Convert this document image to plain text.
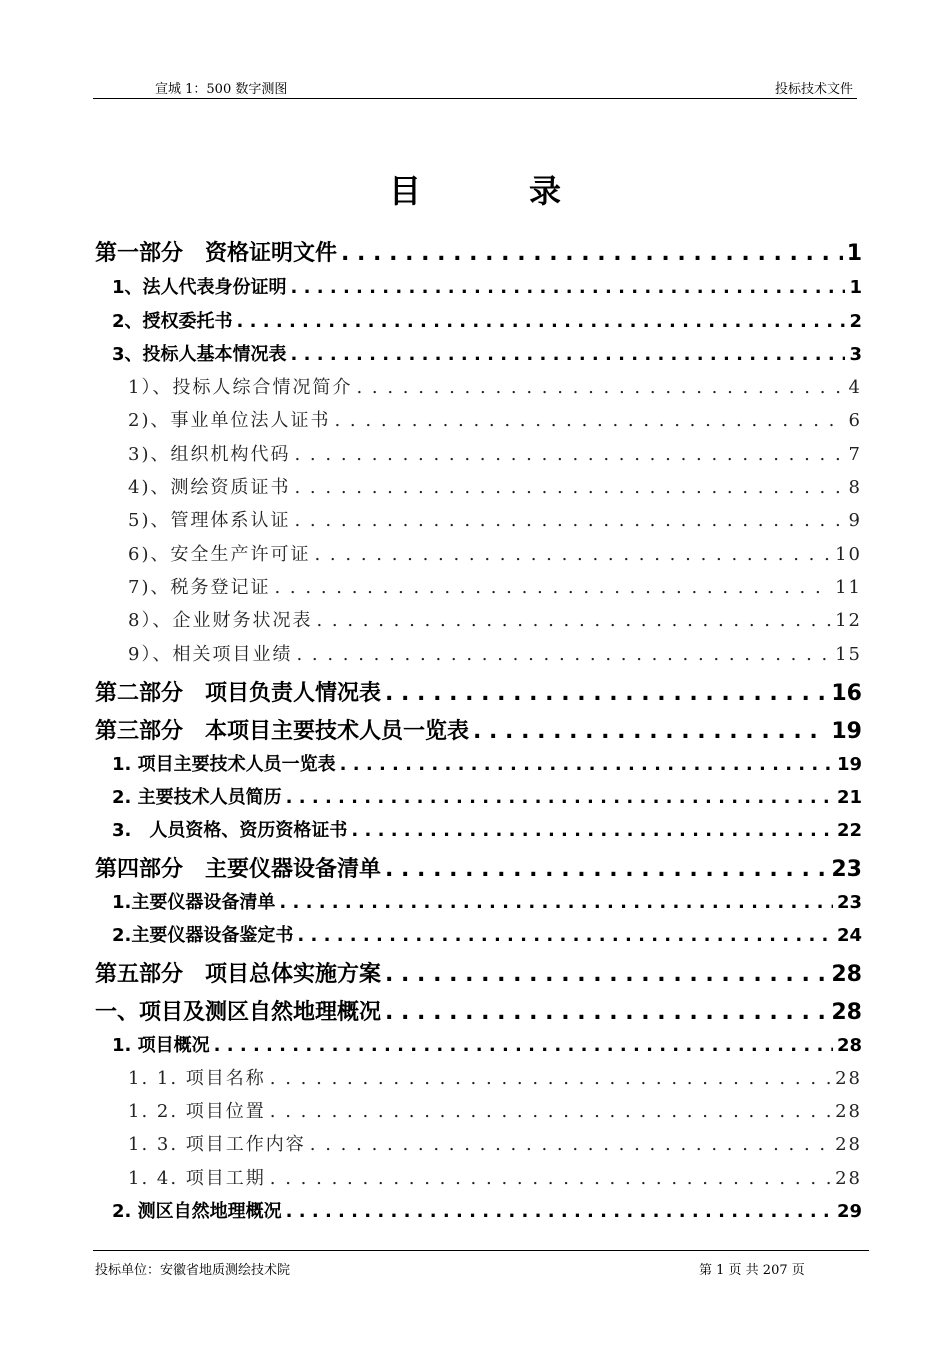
宣城 1：500 数字测图	投标技术文件
目录
第一部分　资格证明文件 . . .	1
1、法人代表身份证明 . . .	1
2、授权委托书 . . .	2
3、投标人基本情况表 . . .	3
1）、投标人综合情况简介 . . .	4
2)、事业单位法人证书 . . .	6
3)、组织机构代码 . . .	7
4)、测绘资质证书 . . .	8
5)、管理体系认证 . . .	9
6)、安全生产许可证 . . .	10
7)、税务登记证 . . .	11
8）、企业财务状况表 . . .	12
9）、相关项目业绩 . . .	15
第二部分　项目负责人情况表 . . .	16
第三部分　本项目主要技术人员一览表 . . .	19
1. 项目主要技术人员一览表 . . .	19
2. 主要技术人员简历 . . .	21
3.　人员资格、资历资格证书 . . .	22
第四部分　主要仪器设备清单 . . .	23
1.主要仪器设备清单 . . .	23
2.主要仪器设备鉴定书 . . .	24
第五部分　项目总体实施方案 . . .	28
一、项目及测区自然地理概况 . . .	28
1. 项目概况 . . .	28
1. 1. 项目名称 . . .	28
1. 2. 项目位置 . . .	28
1. 3. 项目工作内容 . . .	28
1. 4. 项目工期 . . .	28
2. 测区自然地理概况 . . .	29
投标单位：安徽省地质测绘技术院	第 1 页 共 207 页
